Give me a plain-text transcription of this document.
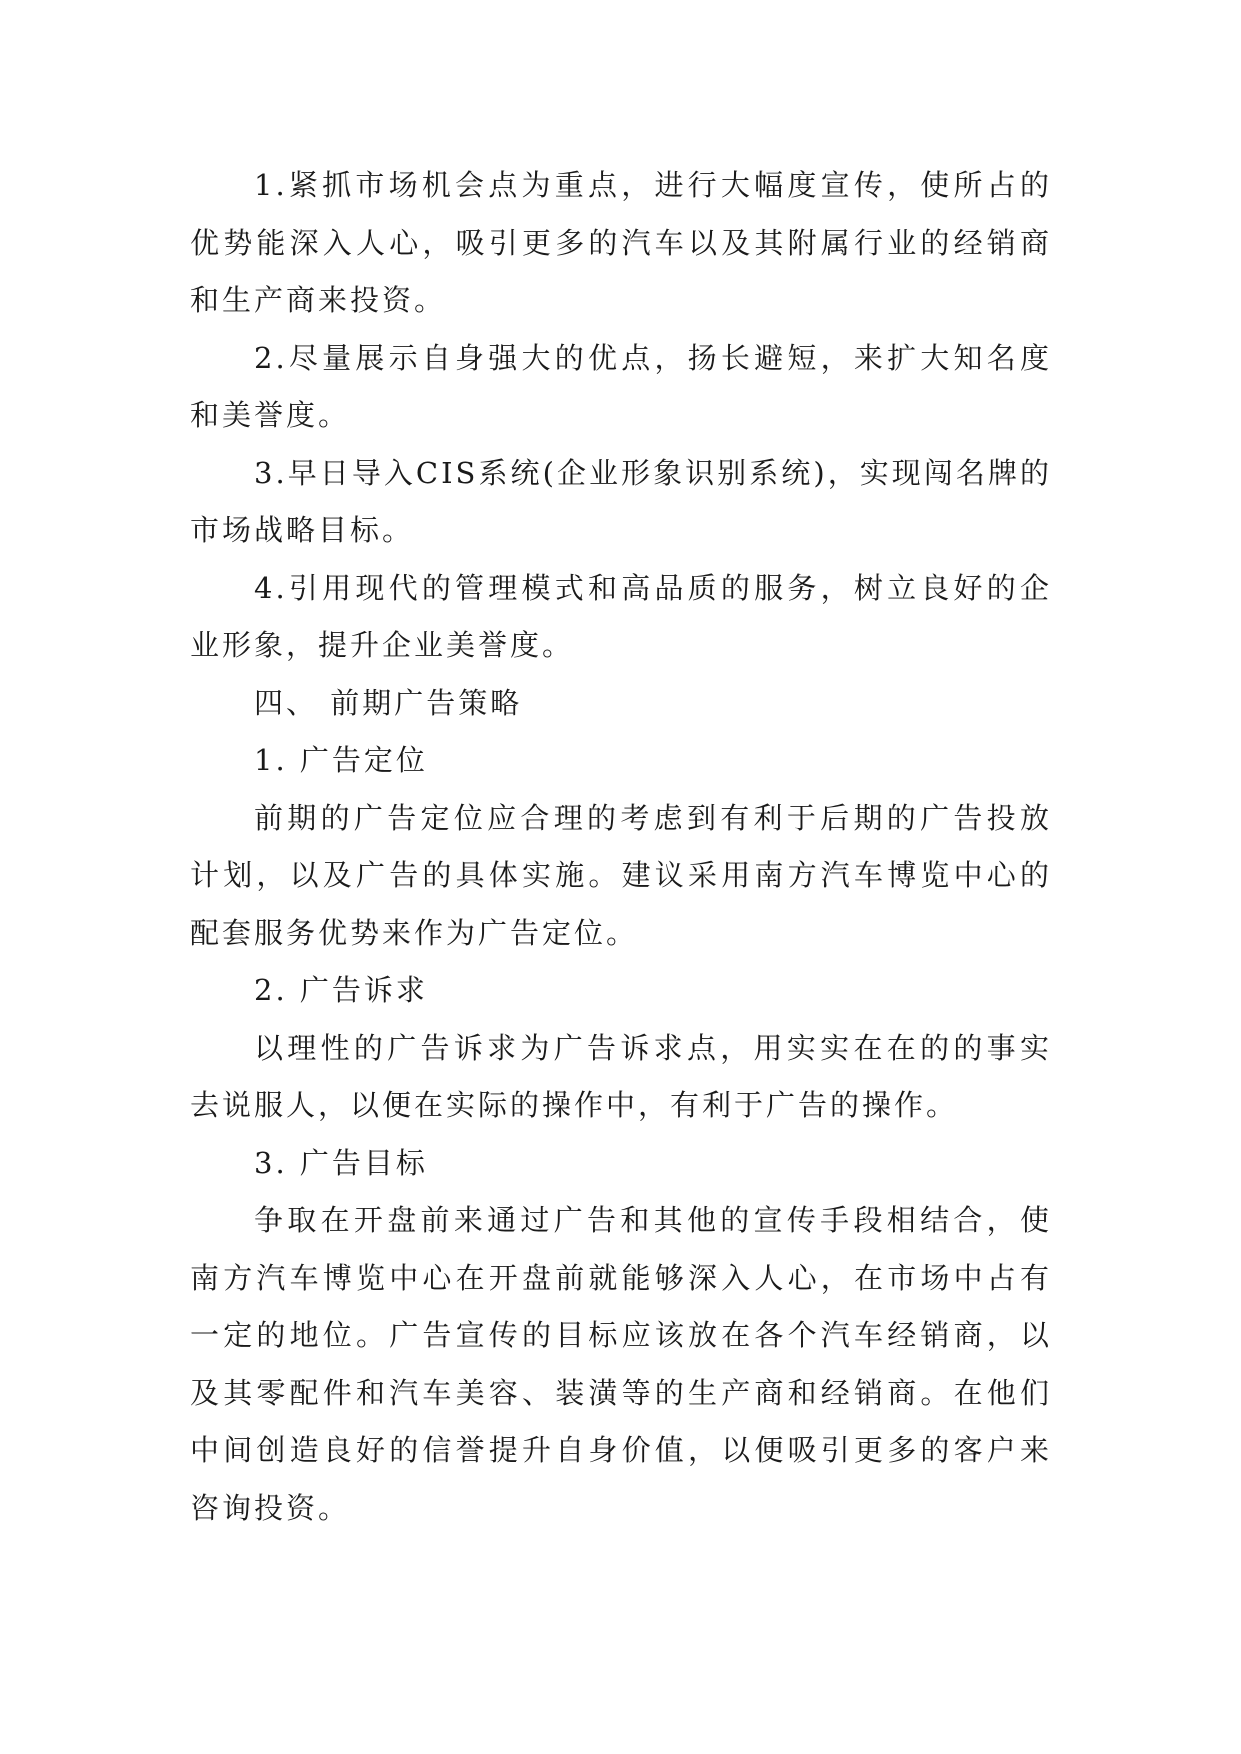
1.紧抓市场机会点为重点，进行大幅度宣传，使所占的优势能深入人心，吸引更多的汽车以及其附属行业的经销商和生产商来投资。

2.尽量展示自身强大的优点，扬长避短，来扩大知名度和美誉度。

3.早日导入CIS系统(企业形象识别系统)，实现闯名牌的市场战略目标。

4.引用现代的管理模式和高品质的服务，树立良好的企业形象，提升企业美誉度。

四、 前期广告策略

1. 广告定位

前期的广告定位应合理的考虑到有利于后期的广告投放计划，以及广告的具体实施。建议采用南方汽车博览中心的配套服务优势来作为广告定位。

2. 广告诉求

以理性的广告诉求为广告诉求点，用实实在在的的事实去说服人，以便在实际的操作中，有利于广告的操作。

3. 广告目标

争取在开盘前来通过广告和其他的宣传手段相结合，使南方汽车博览中心在开盘前就能够深入人心，在市场中占有一定的地位。广告宣传的目标应该放在各个汽车经销商，以及其零配件和汽车美容、装潢等的生产商和经销商。在他们中间创造良好的信誉提升自身价值，以便吸引更多的客户来咨询投资。
